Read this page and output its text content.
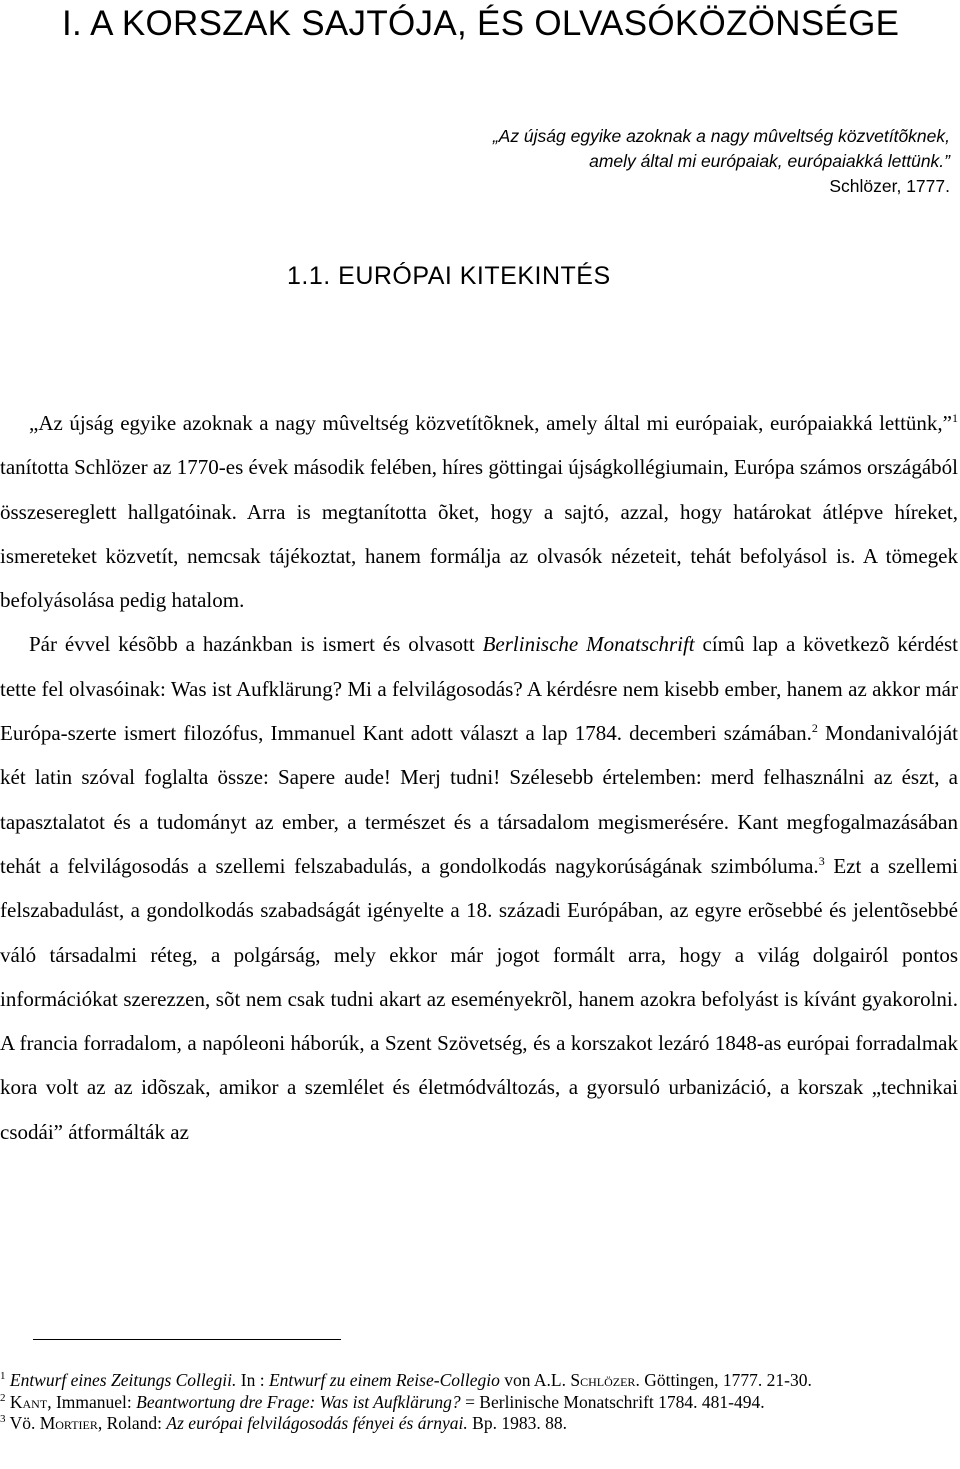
I. A KORSZAK SAJTÓJA, ÉS OLVASÓKÖZÖNSÉGE
„Az újság egyike azoknak a nagy mûveltség közvetítõknek,
amely által mi európaiak, európaiakká lettünk.”
Schlözer, 1777.
1.1. EURÓPAI KITEKINTÉS

„Az újság egyike azoknak a nagy mûveltség közvetítõknek, amely által mi európaiak, európaiakká lettünk,”$^1$ tanította Schlözer az 1770-es évek második felében, híres göttingai újságkollégiumain, Európa számos országából összesereglett hallgatóinak. Arra is megtanította õket, hogy a sajtó, azzal, hogy határokat átlépve híreket, ismereteket közvetít, nemcsak tájékoztat, hanem formálja az olvasók nézeteit, tehát befolyásol is. A tömegek befolyásolása pedig hatalom.

Pár évvel késõbb a hazánkban is ismert és olvasott Berlinische Monatschrift címû lap a következõ kérdést tette fel olvasóinak: Was ist Aufklärung? Mi a felvilágosodás? A kérdésre nem kisebb ember, hanem az akkor már Európa-szerte ismert filozófus, Immanuel Kant adott választ a lap 1784. decemberi számában.$^2$ Mondanivalóját két latin szóval foglalta össze: Sapere aude! Merj tudni! Szélesebb értelemben: merd felhasználni az észt, a tapasztalatot és a tudományt az ember, a természet és a társadalom megismerésére. Kant megfogalmazásában tehát a felvilágosodás a szellemi felszabadulás, a gondolkodás nagykorúságának szimbóluma.$^3$ Ezt a szellemi felszabadulást, a gondolkodás szabadságát igényelte a 18. századi Európában, az egyre erõsebbé és jelentõsebbé váló társadalmi réteg, a polgárság, mely ekkor már jogot formált arra, hogy a világ dolgairól pontos információkat szerezzen, sõt nem csak tudni akart az eseményekrõl, hanem azokra befolyást is kívánt gyakorolni. A francia forradalom, a napóleoni háborúk, a Szent Szövetség, és a korszakot lezáró 1848-as európai forradalmak kora volt az az idõszak, amikor a szemlélet és életmódváltozás, a gyorsuló urbanizáció, a korszak „technikai csodái” átformálták az

$^1$ Entwurf eines Zeitungs Collegii. In : Entwurf zu einem Reise-Collegio von A.L. Schlözer. Göttingen, 1777. 21-30.

$^2$ Kant, Immanuel: Beantwortung dre Frage: Was ist Aufklärung? = Berlinische Monatschrift 1784. 481-494.

$^3$ Vö. Mortier, Roland: Az európai felvilágosodás fényei és árnyai. Bp. 1983. 88.
